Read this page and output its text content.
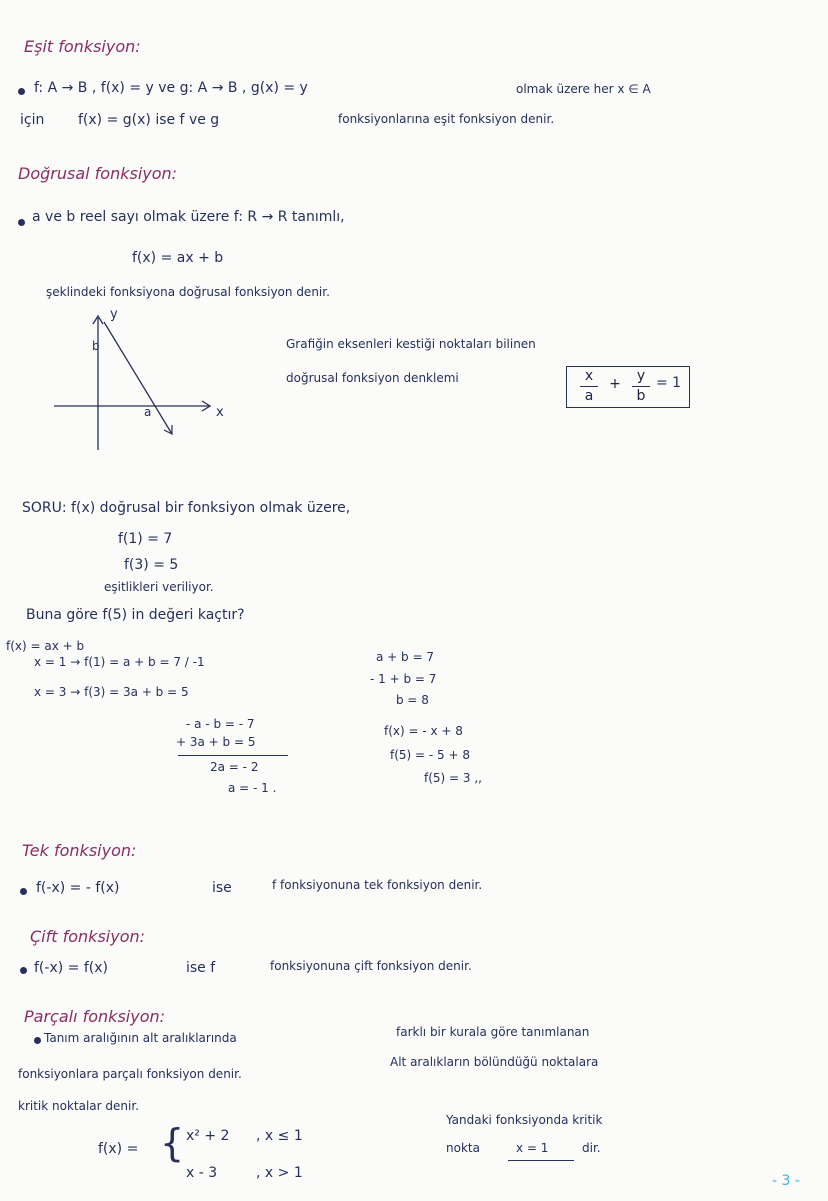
Eşit fonksiyon:
f: A → B , f(x) = y ve g: A → B , g(x) = y	olmak üzere her x ∈ A
için f(x) = g(x) ise f ve g	fonksiyonlarına eşit fonksiyon denir.
Doğrusal fonksiyon:
a ve b reel sayı olmak üzere f: R → R tanımlı,
f(x) = ax + b
şeklindeki fonksiyona doğrusal fonksiyon denir.
y
x
b
a
Grafiğin eksenleri kestiği noktaları bilinen
doğrusal fonksiyon denklemi	x
a
+	y
b
= 1
SORU: f(x) doğrusal bir fonksiyon olmak üzere,
f(1) = 7
f(3) = 5
eşitlikleri veriliyor.
Buna göre f(5) in değeri kaçtır?
f(x) = ax + b
x = 1 → f(1) = a + b = 7 / -1
x = 3 → f(3) = 3a + b = 5
- a - b = - 7
+ 3a + b = 5
2a = - 2
a = - 1 .
a + b = 7
- 1 + b = 7
b = 8
f(x) = - x + 8
f(5) = - 5 + 8
f(5) = 3 ,,
Tek fonksiyon:
f(-x) = - f(x)	ise	f fonksiyonuna tek fonksiyon denir.
Çift fonksiyon:
f(-x) = f(x)	ise f	fonksiyonuna çift fonksiyon denir.
Parçalı fonksiyon:
Tanım aralığının alt aralıklarında	farklı bir kurala göre tanımlanan
fonksiyonlara parçalı fonksiyon denir.
Alt aralıkların bölündüğü noktalara
kritik noktalar denir.
f(x) = { x² + 2 , x ≤ 1
x - 3	, x > 1
Yandaki fonksiyonda kritik
nokta	x = 1	dir.
- 3 -
